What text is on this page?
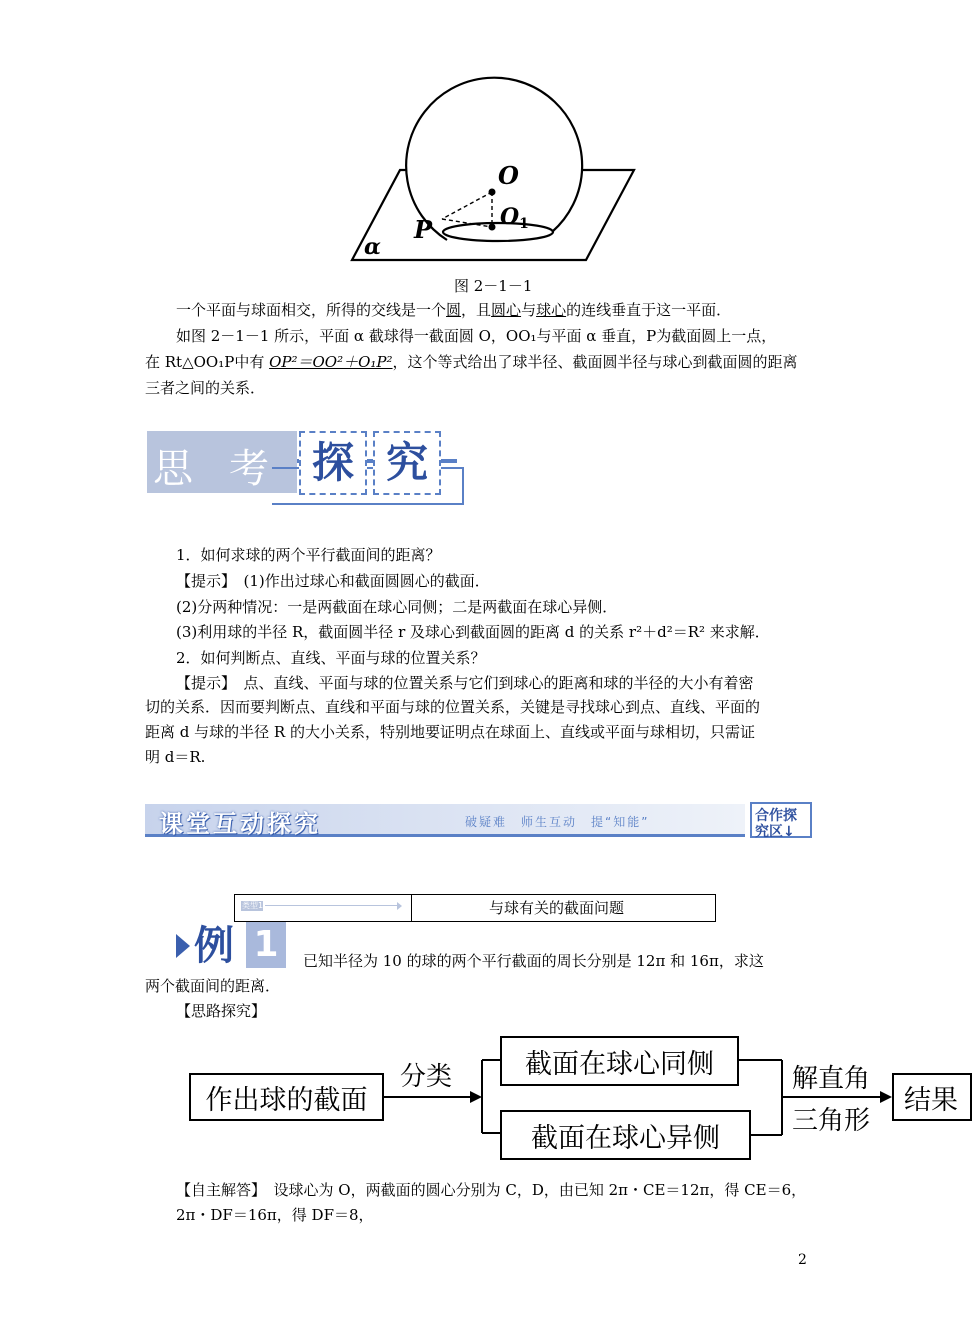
O
O1
P
α
图 2－1－1
一个平面与球面相交，所得的交线是一个圆，且圆心与球心的连线垂直于这一平面．
如图 2－1－1 所示，平面 α 截球得一截面圆 O，OO₁与平面 α 垂直，P为截面圆上一点，
在 Rt△OO₁P中有 OP²＝OO²＋O₁P²，这个等式给出了球半径、截面圆半径与球心到截面圆的距离
三者之间的关系．
思 考	探 究
1．如何求球的两个平行截面间的距离？
【提示】　(1)作出过球心和截面圆圆心的截面．
(2)分两种情况：一是两截面在球心同侧；二是两截面在球心异侧．
(3)利用球的半径 R，截面圆半径 r 及球心到截面圆的距离 d 的关系 r²＋d²＝R² 来求解．
2．如何判断点、直线、平面与球的位置关系？
【提示】　点、直线、平面与球的位置关系与它们到球心的距离和球的半径的大小有着密
切的关系．因而要判断点、直线和平面与球的位置关系，关键是寻找球心到点、直线、平面的
距离 d 与球的半径 R 的大小关系，特别地要证明点在球面上、直线或平面与球相切，只需证
明 d＝R.
课堂互动探究	破疑难　师生互动　提“知能”	合作探
究区↓
类型1	与球有关的截面问题
例 1	已知半径为 10 的球的两个平行截面的周长分别是 12π 和 16π，求这
两个截面间的距离．
【思路探究】
作出球的截面
分类	截面在球心同侧
截面在球心异侧
解直角
三角形
结果
【自主解答】　设球心为 O，两截面的圆心分别为 C，D，由已知 2π・CE＝12π，得 CE＝6，
2π・DF＝16π，得 DF＝8，
2
